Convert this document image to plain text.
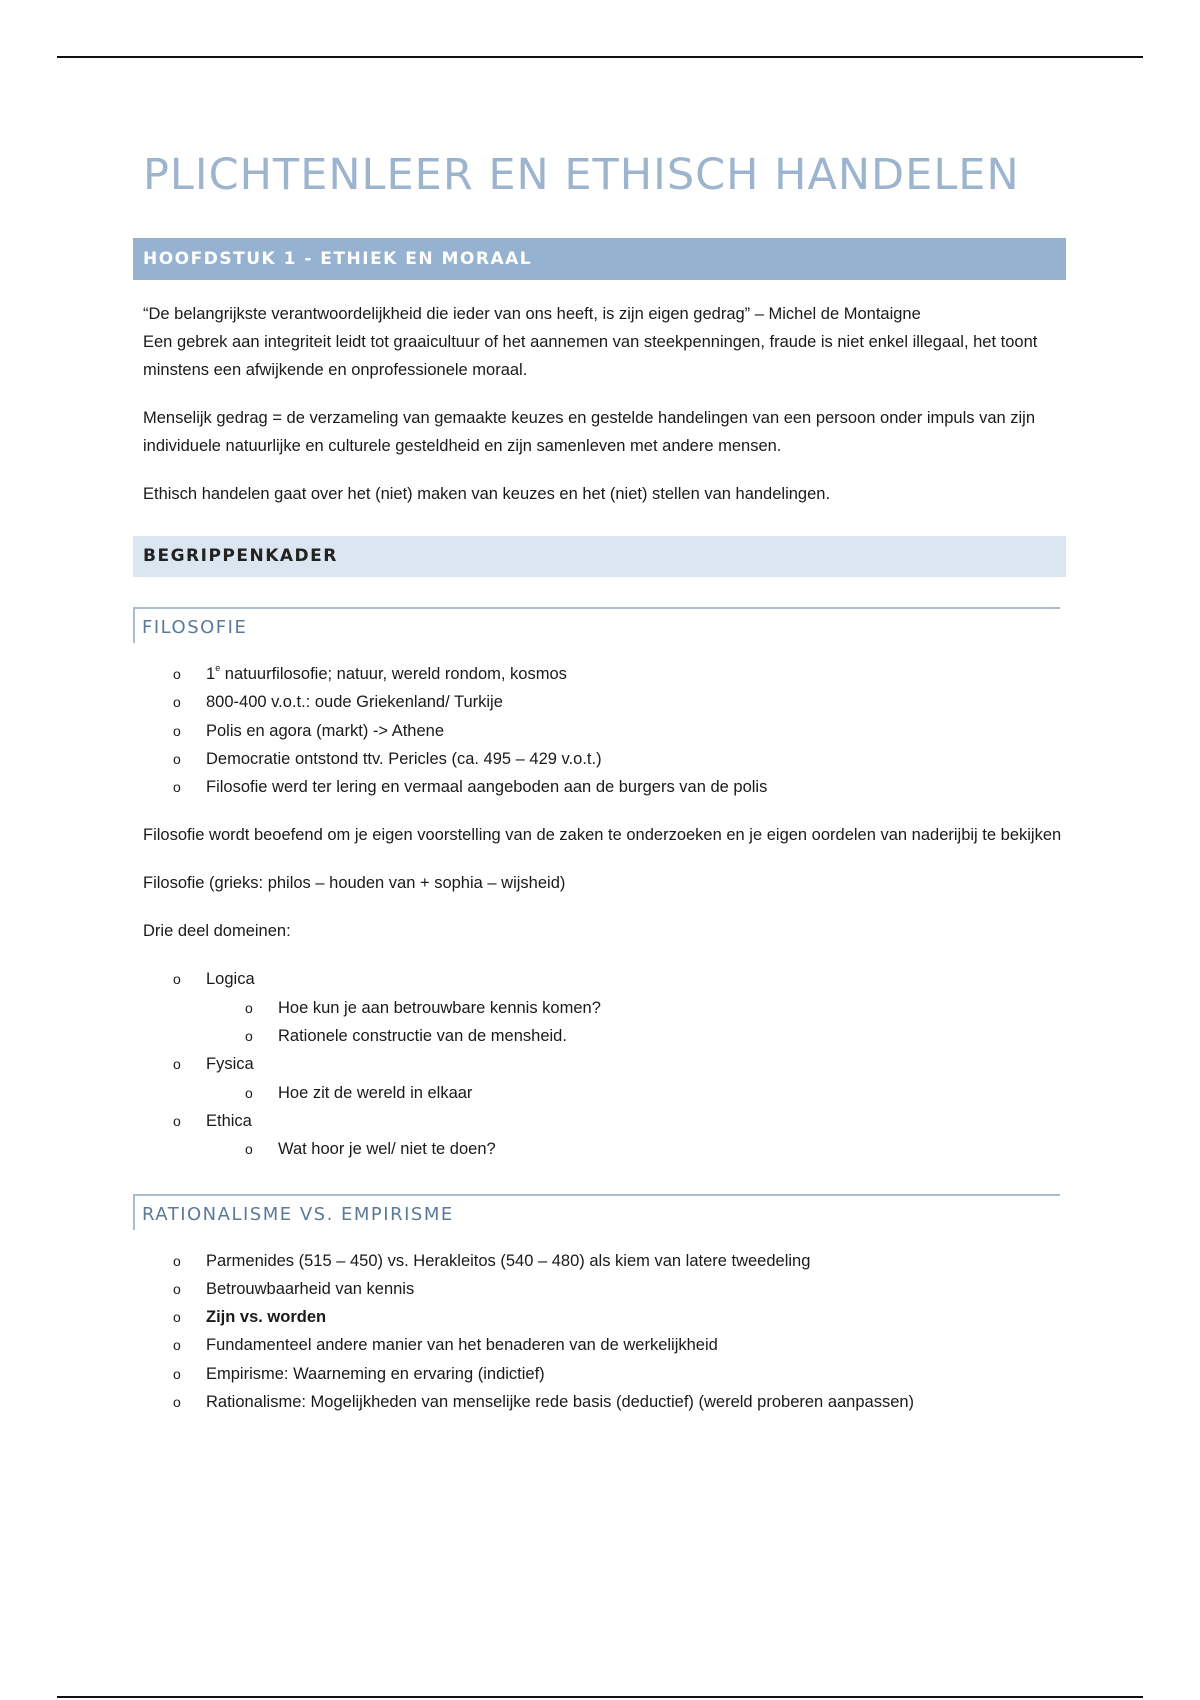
PLICHTENLEER EN ETHISCH HANDELEN
HOOFDSTUK 1 - ETHIEK EN MORAAL
“De belangrijkste verantwoordelijkheid die ieder van ons heeft, is zijn eigen gedrag” – Michel de Montaigne
Een gebrek aan integriteit leidt tot graaicultuur of het aannemen van steekpenningen, fraude is niet enkel illegaal, het toont minstens een afwijkende en onprofessionele moraal.
Menselijk gedrag = de verzameling van gemaakte keuzes en gestelde handelingen van een persoon onder impuls van zijn individuele natuurlijke en culturele gesteldheid en zijn samenleven met andere mensen.
Ethisch handelen gaat over het (niet) maken van keuzes en het (niet) stellen van handelingen.
BEGRIPPENKADER
FILOSOFIE
o 1e natuurfilosofie; natuur, wereld rondom, kosmos
o 800-400 v.o.t.: oude Griekenland/ Turkije
o Polis en agora (markt) -> Athene
o Democratie ontstond ttv. Pericles (ca. 495 – 429 v.o.t.)
o Filosofie werd ter lering en vermaal aangeboden aan de burgers van de polis
Filosofie wordt beoefend om je eigen voorstelling van de zaken te onderzoeken en je eigen oordelen van naderijbij te bekijken
Filosofie (grieks: philos – houden van + sophia – wijsheid)
Drie deel domeinen:
o Logica
o Hoe kun je aan betrouwbare kennis komen?
o Rationele constructie van de mensheid.
o Fysica
o Hoe zit de wereld in elkaar
o Ethica
o Wat hoor je wel/ niet te doen?
RATIONALISME VS. EMPIRISME
o Parmenides (515 – 450) vs. Herakleitos (540 – 480) als kiem van latere tweedeling
o Betrouwbaarheid van kennis
o Zijn vs. worden
o Fundamenteel andere manier van het benaderen van de werkelijkheid
o Empirisme: Waarneming en ervaring (indictief)
o Rationalisme: Mogelijkheden van menselijke rede basis (deductief) (wereld proberen aanpassen)
